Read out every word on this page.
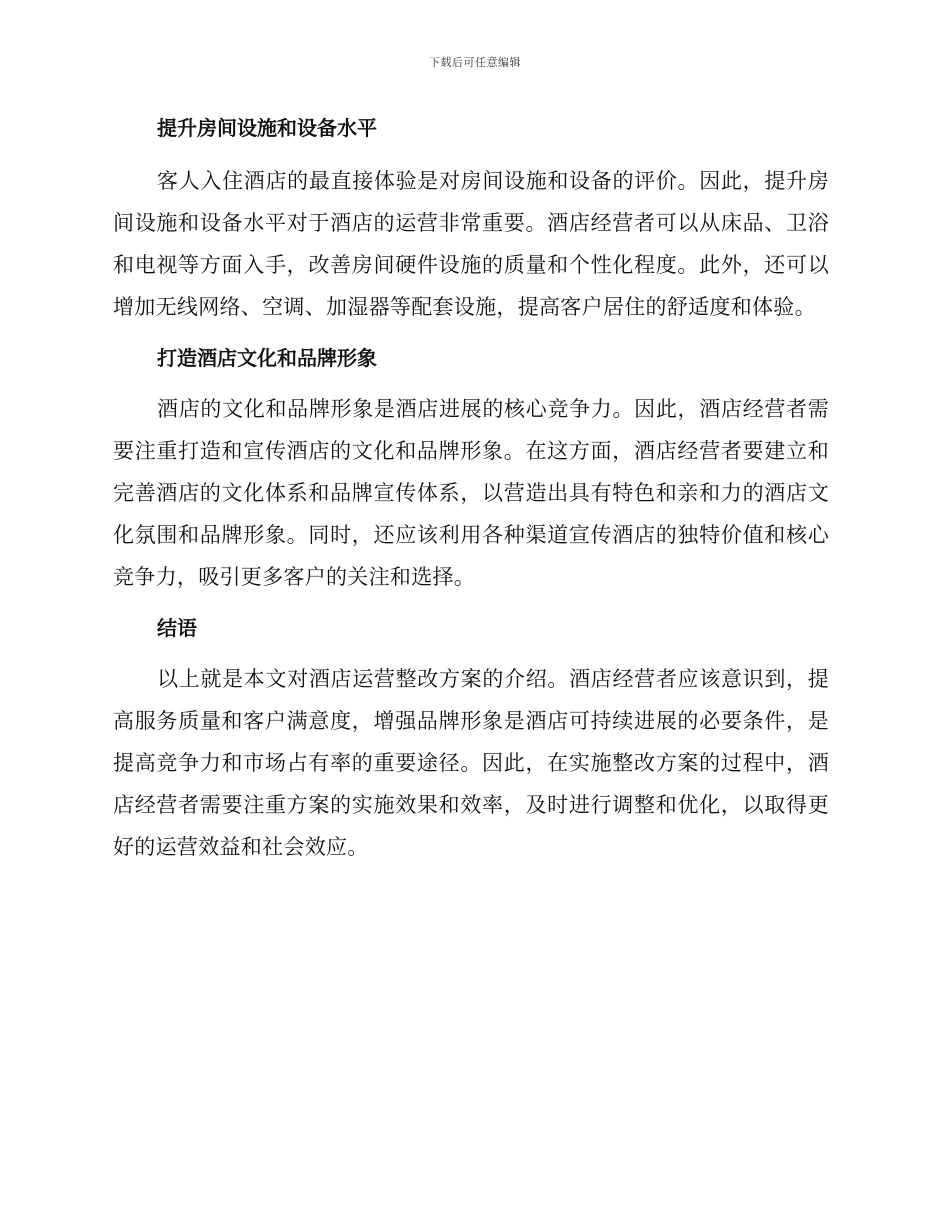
下载后可任意编辑
提升房间设施和设备水平

客人入住酒店的最直接体验是对房间设施和设备的评价。因此，提升房间设施和设备水平对于酒店的运营非常重要。酒店经营者可以从床品、卫浴和电视等方面入手，改善房间硬件设施的质量和个性化程度。此外，还可以增加无线网络、空调、加湿器等配套设施，提高客户居住的舒适度和体验。

打造酒店文化和品牌形象

酒店的文化和品牌形象是酒店进展的核心竞争力。因此，酒店经营者需要注重打造和宣传酒店的文化和品牌形象。在这方面，酒店经营者要建立和完善酒店的文化体系和品牌宣传体系，以营造出具有特色和亲和力的酒店文化氛围和品牌形象。同时，还应该利用各种渠道宣传酒店的独特价值和核心竞争力，吸引更多客户的关注和选择。

结语

以上就是本文对酒店运营整改方案的介绍。酒店经营者应该意识到，提高服务质量和客户满意度，增强品牌形象是酒店可持续进展的必要条件，是提高竞争力和市场占有率的重要途径。因此，在实施整改方案的过程中，酒店经营者需要注重方案的实施效果和效率，及时进行调整和优化，以取得更好的运营效益和社会效应。
